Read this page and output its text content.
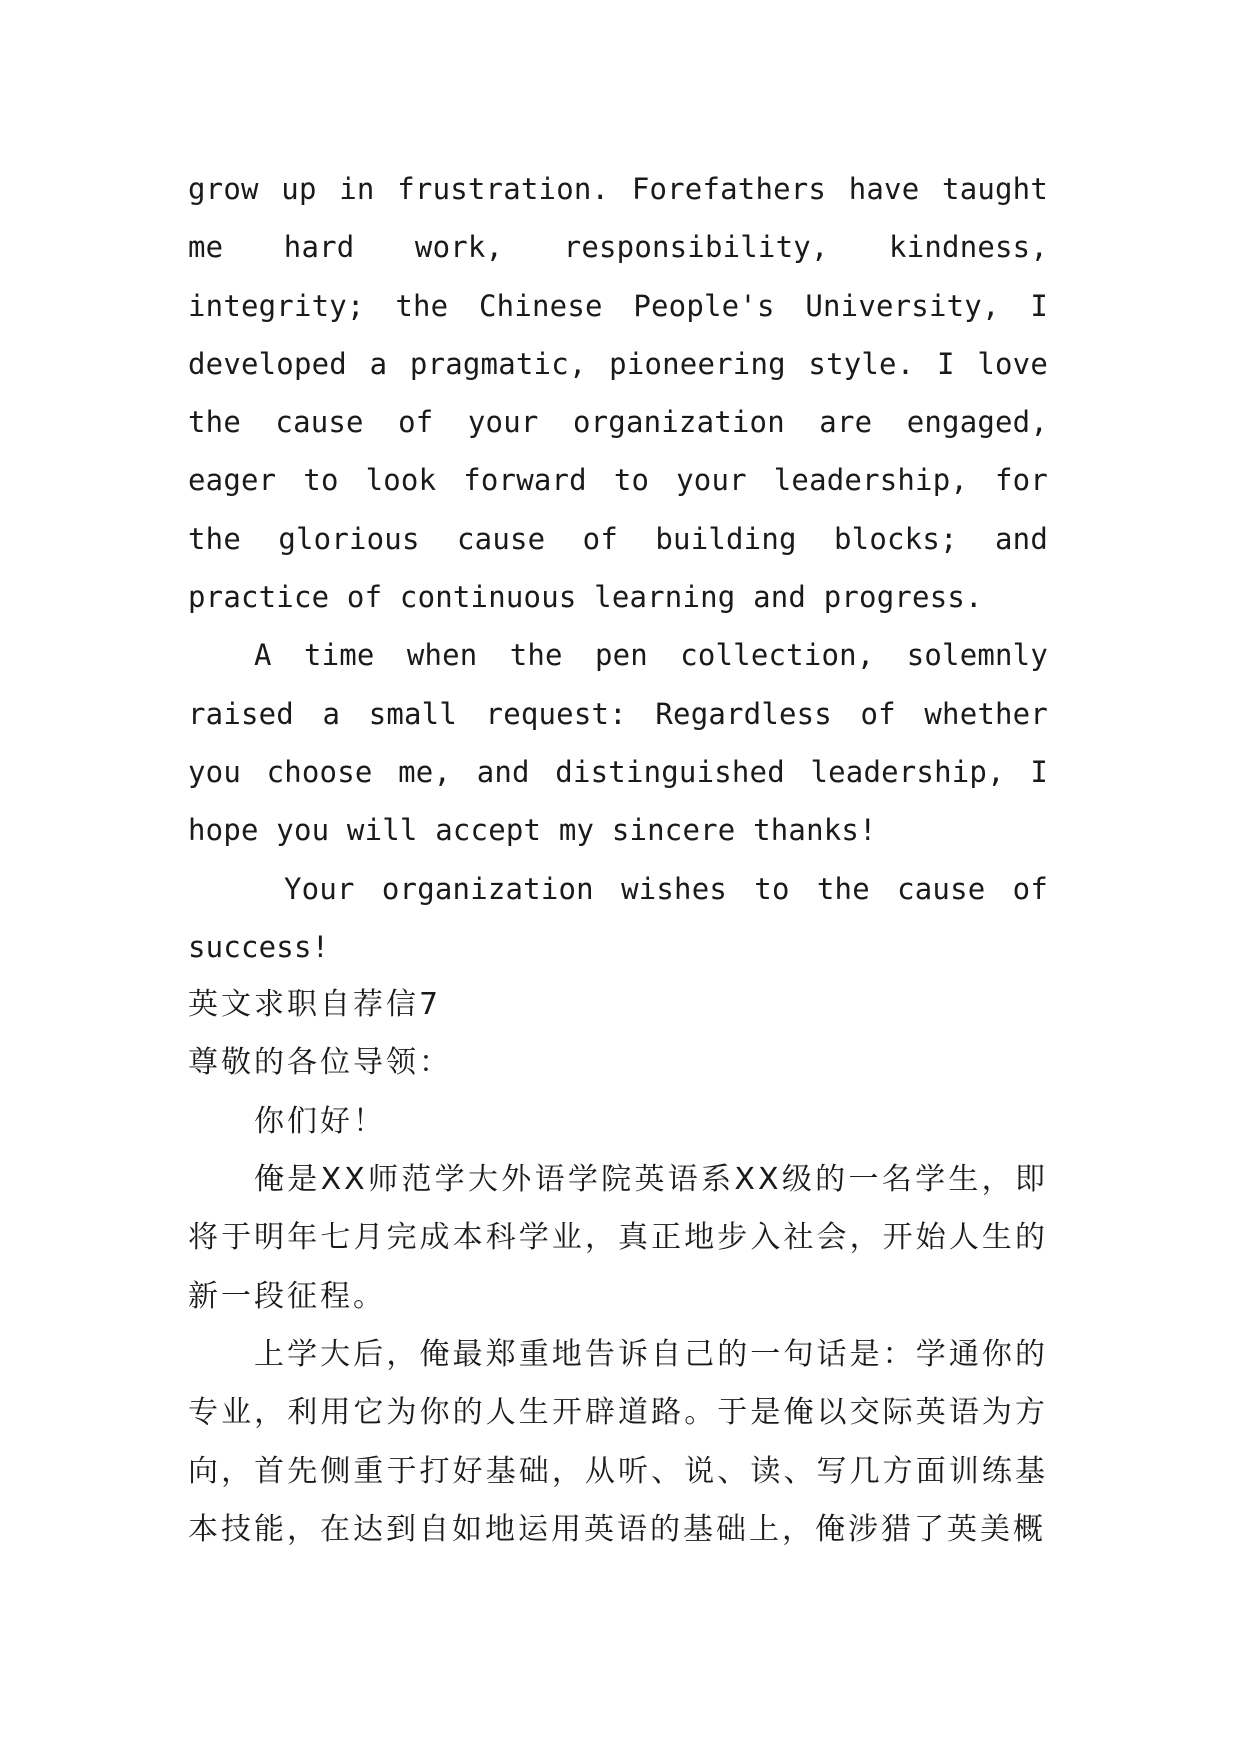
grow up in frustration. Forefathers have taught me hard work, responsibility, kindness, integrity; the Chinese People's University, I developed a pragmatic, pioneering style. I love the cause of your organization are engaged, eager to look forward to your leadership, for the glorious cause of building blocks; and practice of continuous learning and progress.

A time when the pen collection, solemnly raised a small request: Regardless of whether you choose me, and distinguished leadership, I hope you will accept my sincere thanks!

Your organization wishes to the cause of success!

英文求职自荐信7

尊敬的各位导领：

你们好！

俺是XX师范学大外语学院英语系XX级的一名学生，即将于明年七月完成本科学业，真正地步入社会，开始人生的新一段征程。

上学大后，俺最郑重地告诉自己的一句话是：学通你的专业，利用它为你的人生开辟道路。于是俺以交际英语为方向，首先侧重于打好基础，从听、说、读、写几方面训练基本技能，在达到自如地运用英语的基础上，俺涉猎了英美概
